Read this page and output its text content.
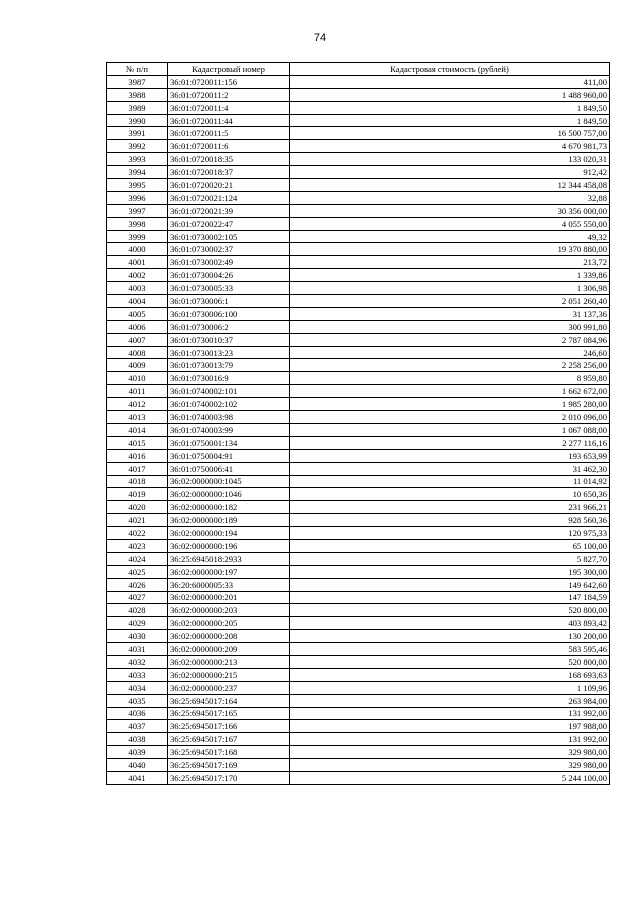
74
№ п/п	Кадастровый номер	Кадастровая стоимость (рублей)
3987	36:01:0720011:156	411,00
3988	36:01:0720011:2	1 488 960,00
3989	36:01:0720011:4	1 849,50
3990	36:01:0720011:44	1 849,50
3991	36:01:0720011:5	16 500 757,00
3992	36:01:0720011:6	4 670 981,73
3993	36:01:0720018:35	133 020,31
3994	36:01:0720018:37	912,42
3995	36:01:0720020:21	12 344 458,08
3996	36:01:0720021:124	32,88
3997	36:01:0720021:39	30 356 000,00
3998	36:01:0720022:47	4 055 550,00
3999	36:01:0730002:105	49,32
4000	36:01:0730002:37	19 370 880,00
4001	36:01:0730002:49	213,72
4002	36:01:0730004:26	1 339,86
4003	36:01:0730005:33	1 306,98
4004	36:01:0730006:1	2 051 260,40
4005	36:01:0730006:100	31 137,36
4006	36:01:0730006:2	300 991,80
4007	36:01:0730010:37	2 787 084,96
4008	36:01:0730013:23	246,60
4009	36:01:0730013:79	2 258 256,00
4010	36:01:0730016:9	8 959,80
4011	36:01:0740002:101	1 662 672,00
4012	36:01:0740002:102	1 985 280,00
4013	36:01:0740003:98	2 010 096,00
4014	36:01:0740003:99	1 067 088,00
4015	36:01:0750001:134	2 277 116,16
4016	36:01:0750004:91	193 653,99
4017	36:01:0750006:41	31 462,30
4018	36:02:0000000:1045	11 014,92
4019	36:02:0000000:1046	10 650,36
4020	36:02:0000000:182	231 966,21
4021	36:02:0000000:189	928 560,36
4022	36:02:0000000:194	120 975,33
4023	36:02:0000000:196	65 100,00
4024	36:25:6945018:2933	5 827,70
4025	36:02:0000000:197	195 300,00
4026	36:20:6000005:33	149 642,60
4027	36:02:0000000:201	147 184,59
4028	36:02:0000000:203	520 800,00
4029	36:02:0000000:205	403 893,42
4030	36:02:0000000:208	130 200,00
4031	36:02:0000000:209	583 595,46
4032	36:02:0000000:213	520 800,00
4033	36:02:0000000:215	168 693,63
4034	36:02:0000000:237	1 109,96
4035	36:25:6945017:164	263 984,00
4036	36:25:6945017:165	131 992,00
4037	36:25:6945017:166	197 988,00
4038	36:25:6945017:167	131 992,00
4039	36:25:6945017:168	329 980,00
4040	36:25:6945017:169	329 980,00
4041	36:25:6945017:170	5 244 100,00
